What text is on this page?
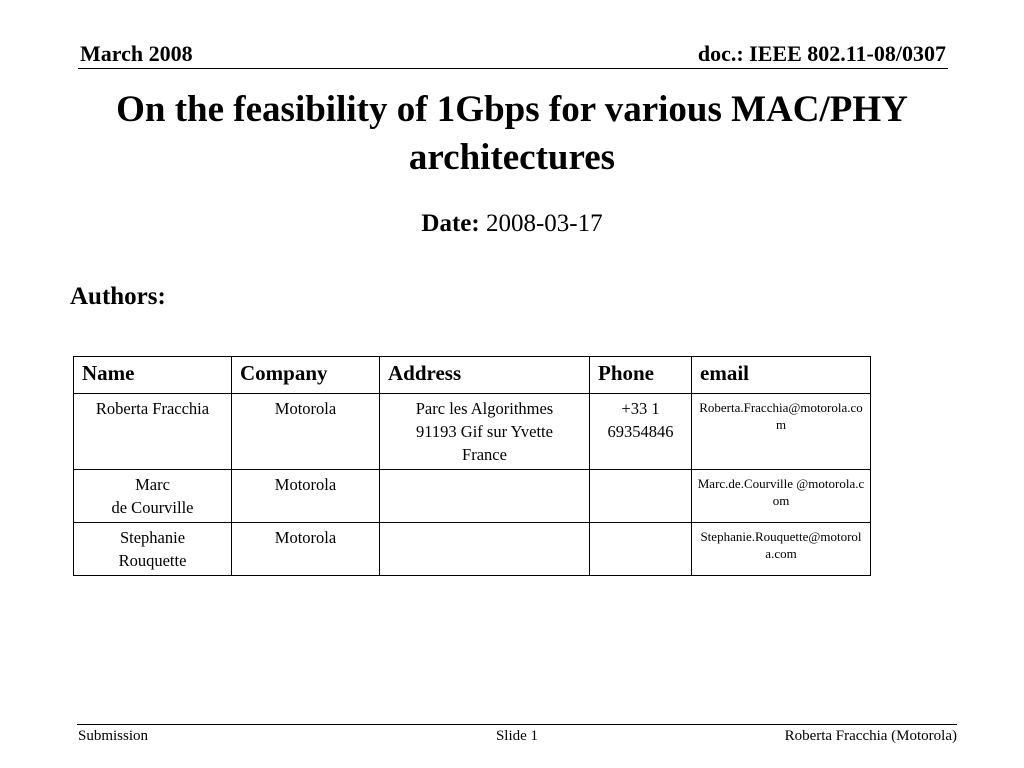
March 2008	doc.: IEEE 802.11-08/0307
On the feasibility of 1Gbps for various MAC/PHY
architectures
Date: 2008-03-17
Authors:
Name	Company	Address	Phone	email

Roberta Fracchia	Motorola	Parc les Algorithmes
91193 Gif sur Yvette
France	+33 1
69354846	Roberta.Fracchia@motorola.com

Marc
de Courville	Motorola			Marc.de.Courville @motorola.com

Stephanie
Rouquette	Motorola			Stephanie.Rouquette@motorola.com
Submission	Slide 1	Roberta Fracchia (Motorola)
